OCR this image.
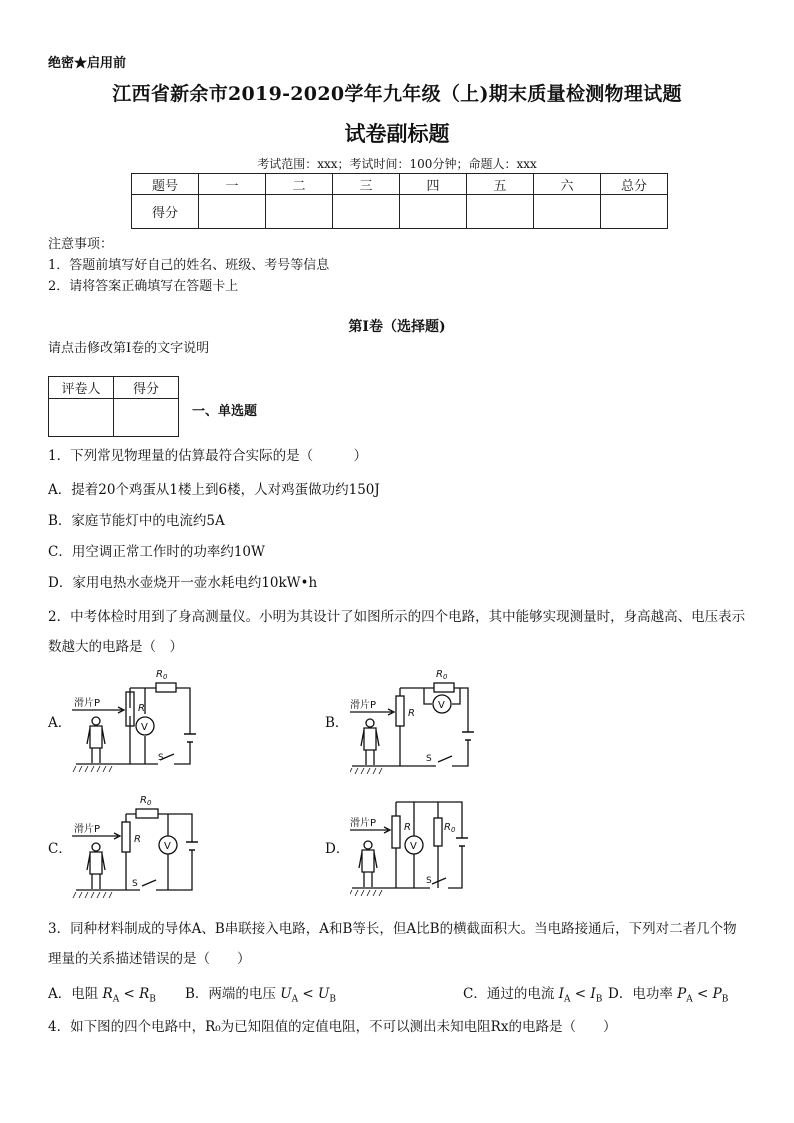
绝密★启用前
江西省新余市2019-2020学年九年级（上)期末质量检测物理试题
试卷副标题
考试范围：xxx；考试时间：100分钟；命题人：xxx
题号	一	二	三	四	五	六	总分
得分							
注意事项：
1．答题前填写好自己的姓名、班级、考号等信息
2．请将答案正确填写在答题卡上
第I卷（选择题)
请点击修改第I卷的文字说明
评卷人	得分

一、单选题
1．下列常见物理量的估算最符合实际的是（　　　）
A．提着20个鸡蛋从1楼上到6楼，人对鸡蛋做功约150J
B．家庭节能灯中的电流约5A
C．用空调正常工作时的功率约10W
D．家用电热水壶烧开一壶水耗电约10kW•h
2．中考体检时用到了身高测量仪。小明为其设计了如图所示的四个电路，其中能够实现测量时，身高越高、电压表示数越大的电路是（　）
A．	B．
C．	D．
$R_0$
R
V
S
滑片P
$R_0$
V
R
S
滑片P
$R_0$
V
R
S
滑片P	R
V
$R_0$
S
滑片P
3．同种材料制成的导体A、B串联接入电路，A和B等长，但A比B的横截面积大。当电路接通后，下列对二者几个物理量的关系描述错误的是（　　）
A．电阻 $R_A < R_B$ B．两端的电压 $U_A < U_B$	C．通过的电流 $I_A < I_B$ D．电功率 $P_A < P_B$
4．如下图的四个电路中，R₀为已知阻值的定值电阻，不可以测出未知电阻Rx的电路是（　　）
